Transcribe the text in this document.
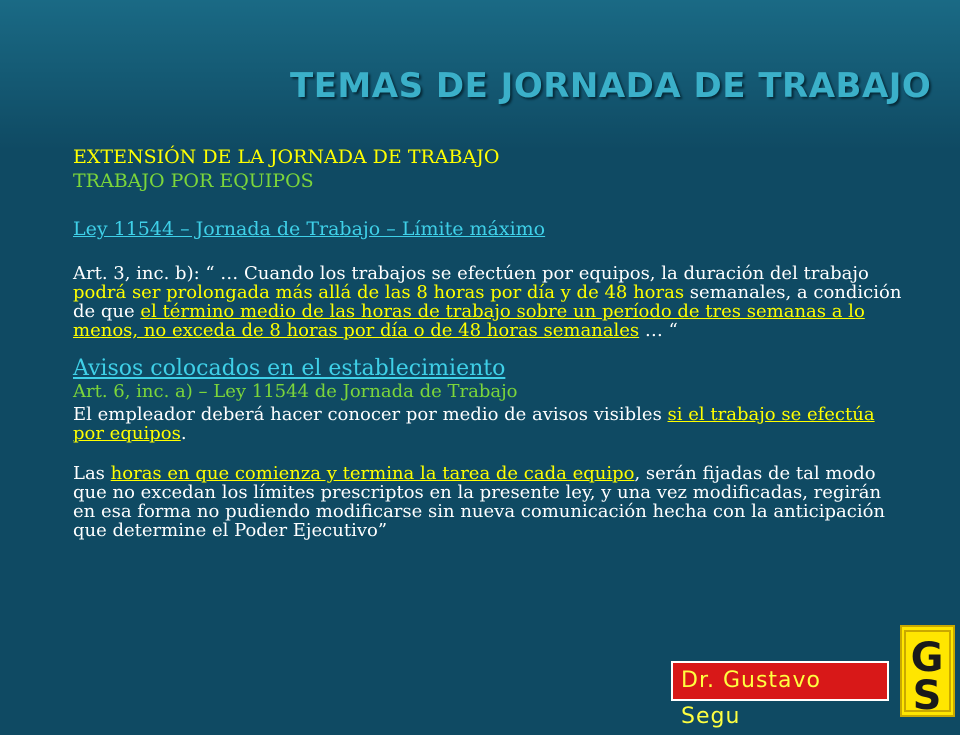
TEMAS DE JORNADA DE TRABAJO
EXTENSIÓN DE LA JORNADA DE TRABAJO
TRABAJO POR EQUIPOS
Ley 11544 – Jornada de Trabajo – Límite máximo
Art. 3, inc. b): “ … Cuando los trabajos se efectúen por equipos, la duración del trabajo podrá ser prolongada más allá de las 8 horas por día y de 48 horas semanales, a condición de que el término medio de las horas de trabajo sobre un período de tres semanas a lo menos, no exceda de 8 horas por día o de 48 horas semanales … “
Avisos colocados en el establecimiento
Art. 6, inc. a) – Ley 11544 de Jornada de Trabajo
El empleador deberá hacer conocer por medio de avisos visibles si el trabajo se efectúa por equipos.
Las horas en que comienza y termina la tarea de cada equipo, serán fijadas de tal modo que no excedan los límites prescriptos en la presente ley, y una vez modificadas, regirán en esa forma no pudiendo modificarse sin nueva comunicación hecha con la anticipación que determine el Poder Ejecutivo”
Dr. Gustavo Segu
G
S
